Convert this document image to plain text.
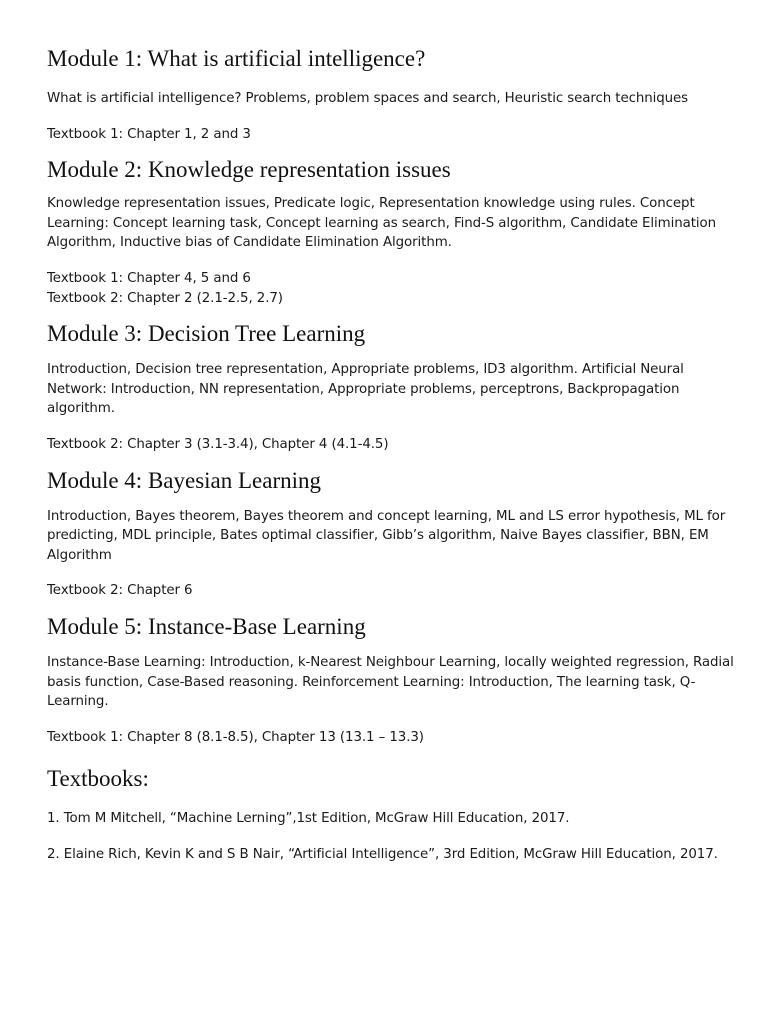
Module 1: What is artificial intelligence?

What is artificial intelligence? Problems, problem spaces and search, Heuristic search techniques

Textbook 1: Chapter 1, 2 and 3

Module 2: Knowledge representation issues

Knowledge representation issues, Predicate logic, Representation knowledge using rules. Concept Learning: Concept learning task, Concept learning as search, Find-S algorithm, Candidate Elimination Algorithm, Inductive bias of Candidate Elimination Algorithm.

Textbook 1: Chapter 4, 5 and 6
Textbook 2: Chapter 2 (2.1-2.5, 2.7)

Module 3: Decision Tree Learning

Introduction, Decision tree representation, Appropriate problems, ID3 algorithm. Artificial Neural Network: Introduction, NN representation, Appropriate problems, perceptrons, Backpropagation algorithm.

Textbook 2: Chapter 3 (3.1-3.4), Chapter 4 (4.1-4.5)

Module 4: Bayesian Learning

Introduction, Bayes theorem, Bayes theorem and concept learning, ML and LS error hypothesis, ML for predicting, MDL principle, Bates optimal classifier, Gibb’s algorithm, Naive Bayes classifier, BBN, EM Algorithm

Textbook 2: Chapter 6

Module 5: Instance-Base Learning

Instance-Base Learning: Introduction, k-Nearest Neighbour Learning, locally weighted regression, Radial basis function, Case-Based reasoning. Reinforcement Learning: Introduction, The learning task, Q-Learning.

Textbook 1: Chapter 8 (8.1-8.5), Chapter 13 (13.1 – 13.3)

Textbooks:

1. Tom M Mitchell, “Machine Lerning”,1st Edition, McGraw Hill Education, 2017.

2. Elaine Rich, Kevin K and S B Nair, “Artificial Intelligence”, 3rd Edition, McGraw Hill Education, 2017.
